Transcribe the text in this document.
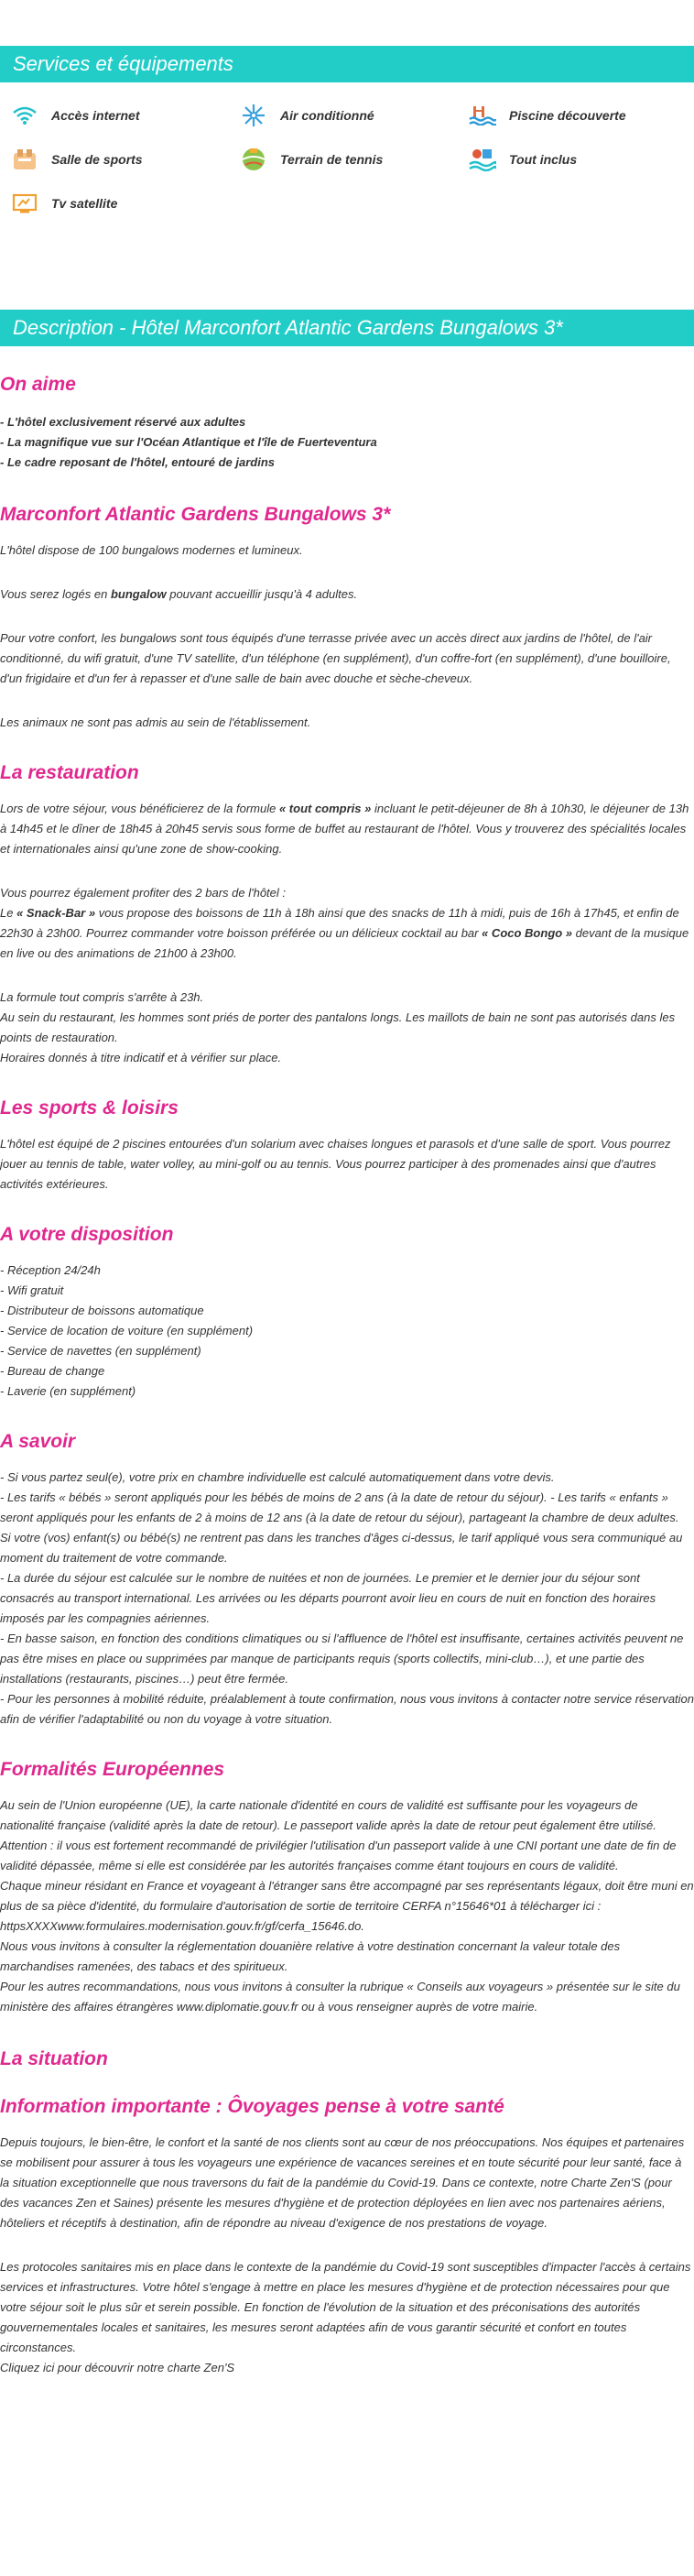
Services et équipements
Accès internet	Air conditionné	Piscine découverte
Salle de sports	Terrain de tennis	Tout inclus
Tv satellite
Description - Hôtel Marconfort Atlantic Gardens Bungalows 3*
On aime

- L'hôtel exclusivement réservé aux adultes

- La magnifique vue sur l'Océan Atlantique et l'île de Fuerteventura

- Le cadre reposant de l'hôtel, entouré de jardins

Marconfort Atlantic Gardens Bungalows 3*

L'hôtel dispose de 100 bungalows modernes et lumineux.

Vous serez logés en bungalow pouvant accueillir jusqu'à 4 adultes.

Pour votre confort, les bungalows sont tous équipés d'une terrasse privée avec un accès direct aux jardins de l'hôtel, de l'air conditionné, du wifi gratuit, d'une TV satellite, d'un téléphone (en supplément), d'un coffre-fort (en supplément), d'une bouilloire, d'un frigidaire et d'un fer à repasser et d'une salle de bain avec douche et sèche-cheveux.

Les animaux ne sont pas admis au sein de l'établissement.

La restauration

Lors de votre séjour, vous bénéficierez de la formule « tout compris » incluant le petit-déjeuner de 8h à 10h30, le déjeuner de 13h à 14h45 et le dîner de 18h45 à 20h45 servis sous forme de buffet au restaurant de l'hôtel. Vous y trouverez des spécialités locales et internationales ainsi qu'une zone de show-cooking.

Vous pourrez également profiter des 2 bars de l'hôtel :

Le « Snack-Bar » vous propose des boissons de 11h à 18h ainsi que des snacks de 11h à midi, puis de 16h à 17h45, et enfin de 22h30 à 23h00. Pourrez commander votre boisson préférée ou un délicieux cocktail au bar « Coco Bongo » devant de la musique en live ou des animations de 21h00 à 23h00.

La formule tout compris s'arrête à 23h.

Au sein du restaurant, les hommes sont priés de porter des pantalons longs. Les maillots de bain ne sont pas autorisés dans les points de restauration.

Horaires donnés à titre indicatif et à vérifier sur place.

Les sports & loisirs

L'hôtel est équipé de 2 piscines entourées d'un solarium avec chaises longues et parasols et d'une salle de sport. Vous pourrez jouer au tennis de table, water volley, au mini-golf ou au tennis. Vous pourrez participer à des promenades ainsi que d'autres activités extérieures.

A votre disposition

- Réception 24/24h

- Wifi gratuit

- Distributeur de boissons automatique

- Service de location de voiture (en supplément)

- Service de navettes (en supplément)

- Bureau de change

- Laverie (en supplément)

A savoir

- Si vous partez seul(e), votre prix en chambre individuelle est calculé automatiquement dans votre devis.

- Les tarifs « bébés » seront appliqués pour les bébés de moins de 2 ans (à la date de retour du séjour). - Les tarifs « enfants » seront appliqués pour les enfants de 2 à moins de 12 ans (à la date de retour du séjour), partageant la chambre de deux adultes.

Si votre (vos) enfant(s) ou bébé(s) ne rentrent pas dans les tranches d'âges ci-dessus, le tarif appliqué vous sera communiqué au moment du traitement de votre commande.

- La durée du séjour est calculée sur le nombre de nuitées et non de journées. Le premier et le dernier jour du séjour sont consacrés au transport international. Les arrivées ou les départs pourront avoir lieu en cours de nuit en fonction des horaires imposés par les compagnies aériennes.

- En basse saison, en fonction des conditions climatiques ou si l'affluence de l'hôtel est insuffisante, certaines activités peuvent ne pas être mises en place ou supprimées par manque de participants requis (sports collectifs, mini-club…), et une partie des installations (restaurants, piscines…) peut être fermée.

- Pour les personnes à mobilité réduite, préalablement à toute confirmation, nous vous invitons à contacter notre service réservation afin de vérifier l'adaptabilité ou non du voyage à votre situation.

Formalités Européennes

Au sein de l'Union européenne (UE), la carte nationale d'identité en cours de validité est suffisante pour les voyageurs de nationalité française (validité après la date de retour). Le passeport valide après la date de retour peut également être utilisé. Attention : il vous est fortement recommandé de privilégier l'utilisation d'un passeport valide à une CNI portant une date de fin de validité dépassée, même si elle est considérée par les autorités françaises comme étant toujours en cours de validité.

Chaque mineur résidant en France et voyageant à l'étranger sans être accompagné par ses représentants légaux, doit être muni en plus de sa pièce d'identité, du formulaire d'autorisation de sortie de territoire CERFA n°15646*01 à télécharger ici :

httpsXXXXwww.formulaires.modernisation.gouv.fr/gf/cerfa_15646.do.

Nous vous invitons à consulter la réglementation douanière relative à votre destination concernant la valeur totale des marchandises ramenées, des tabacs et des spiritueux.

Pour les autres recommandations, nous vous invitons à consulter la rubrique « Conseils aux voyageurs » présentée sur le site du ministère des affaires étrangères www.diplomatie.gouv.fr ou à vous renseigner auprès de votre mairie.

La situation
Information importante : Ôvoyages pense à votre santé

Depuis toujours, le bien-être, le confort et la santé de nos clients sont au cœur de nos préoccupations. Nos équipes et partenaires se mobilisent pour assurer à tous les voyageurs une expérience de vacances sereines et en toute sécurité pour leur santé, face à la situation exceptionnelle que nous traversons du fait de la pandémie du Covid-19. Dans ce contexte, notre Charte Zen'S (pour des vacances Zen et Saines) présente les mesures d'hygiène et de protection déployées en lien avec nos partenaires aériens, hôteliers et réceptifs à destination, afin de répondre au niveau d'exigence de nos prestations de voyage.

Les protocoles sanitaires mis en place dans le contexte de la pandémie du Covid-19 sont susceptibles d'impacter l'accès à certains services et infrastructures. Votre hôtel s'engage à mettre en place les mesures d'hygiène et de protection nécessaires pour que votre séjour soit le plus sûr et serein possible. En fonction de l'évolution de la situation et des préconisations des autorités gouvernementales locales et sanitaires, les mesures seront adaptées afin de vous garantir sécurité et confort en toutes circonstances.

Cliquez ici pour découvrir notre charte Zen'S
